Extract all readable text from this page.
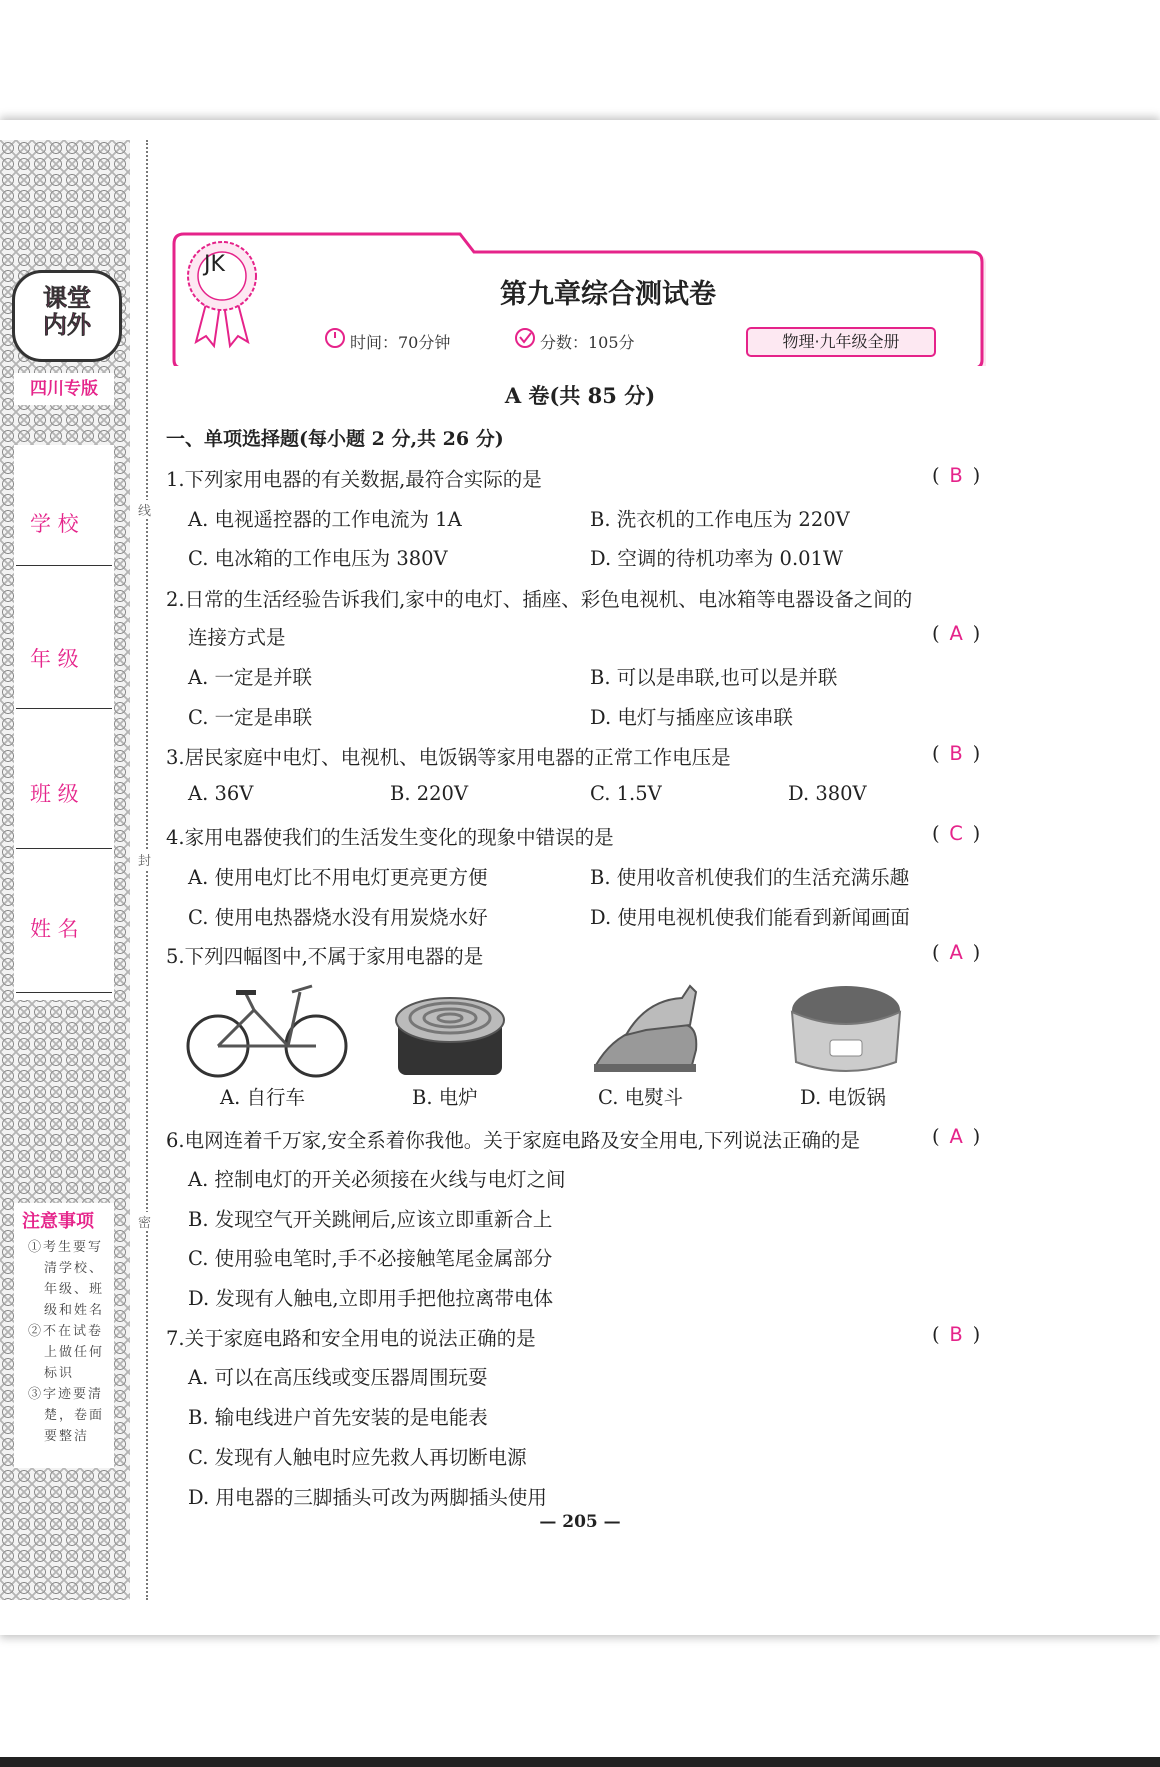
课堂
内外
四川专版
学 校
年 级
班 级
姓 名
注意事项
①考生要写清学校、年级、班级和姓名
②不在试卷上做任何标识
③字迹要清楚，卷面要整洁
线
封
密
JK
第九章综合测试卷
时间：70分钟	分数：105分	物理·九年级全册
A 卷(共 85 分)
一、单项选择题(每小题 2 分,共 26 分)
1.下列家用电器的有关数据,最符合实际的是	( B )
A. 电视遥控器的工作电流为 1A	B. 洗衣机的工作电压为 220V
C. 电冰箱的工作电压为 380V	D. 空调的待机功率为 0.01W
2.日常的生活经验告诉我们,家中的电灯、插座、彩色电视机、电冰箱等电器设备之间的
连接方式是	( A )
A. 一定是并联	B. 可以是串联,也可以是并联
C. 一定是串联	D. 电灯与插座应该串联
3.居民家庭中电灯、电视机、电饭锅等家用电器的正常工作电压是	( B )
A. 36V	B. 220V	C. 1.5V	D. 380V
4.家用电器使我们的生活发生变化的现象中错误的是	( C )
A. 使用电灯比不用电灯更亮更方便	B. 使用收音机使我们的生活充满乐趣
C. 使用电热器烧水没有用炭烧水好	D. 使用电视机使我们能看到新闻画面
5.下列四幅图中,不属于家用电器的是	( A )
A. 自行车	B. 电炉	C. 电熨斗	D. 电饭锅
6.电网连着千万家,安全系着你我他。关于家庭电路及安全用电,下列说法正确的是	( A )
A. 控制电灯的开关必须接在火线与电灯之间
B. 发现空气开关跳闸后,应该立即重新合上
C. 使用验电笔时,手不必接触笔尾金属部分
D. 发现有人触电,立即用手把他拉离带电体
7.关于家庭电路和安全用电的说法正确的是	( B )
A. 可以在高压线或变压器周围玩耍
B. 输电线进户首先安装的是电能表
C. 发现有人触电时应先救人再切断电源
D. 用电器的三脚插头可改为两脚插头使用
— 205 —
